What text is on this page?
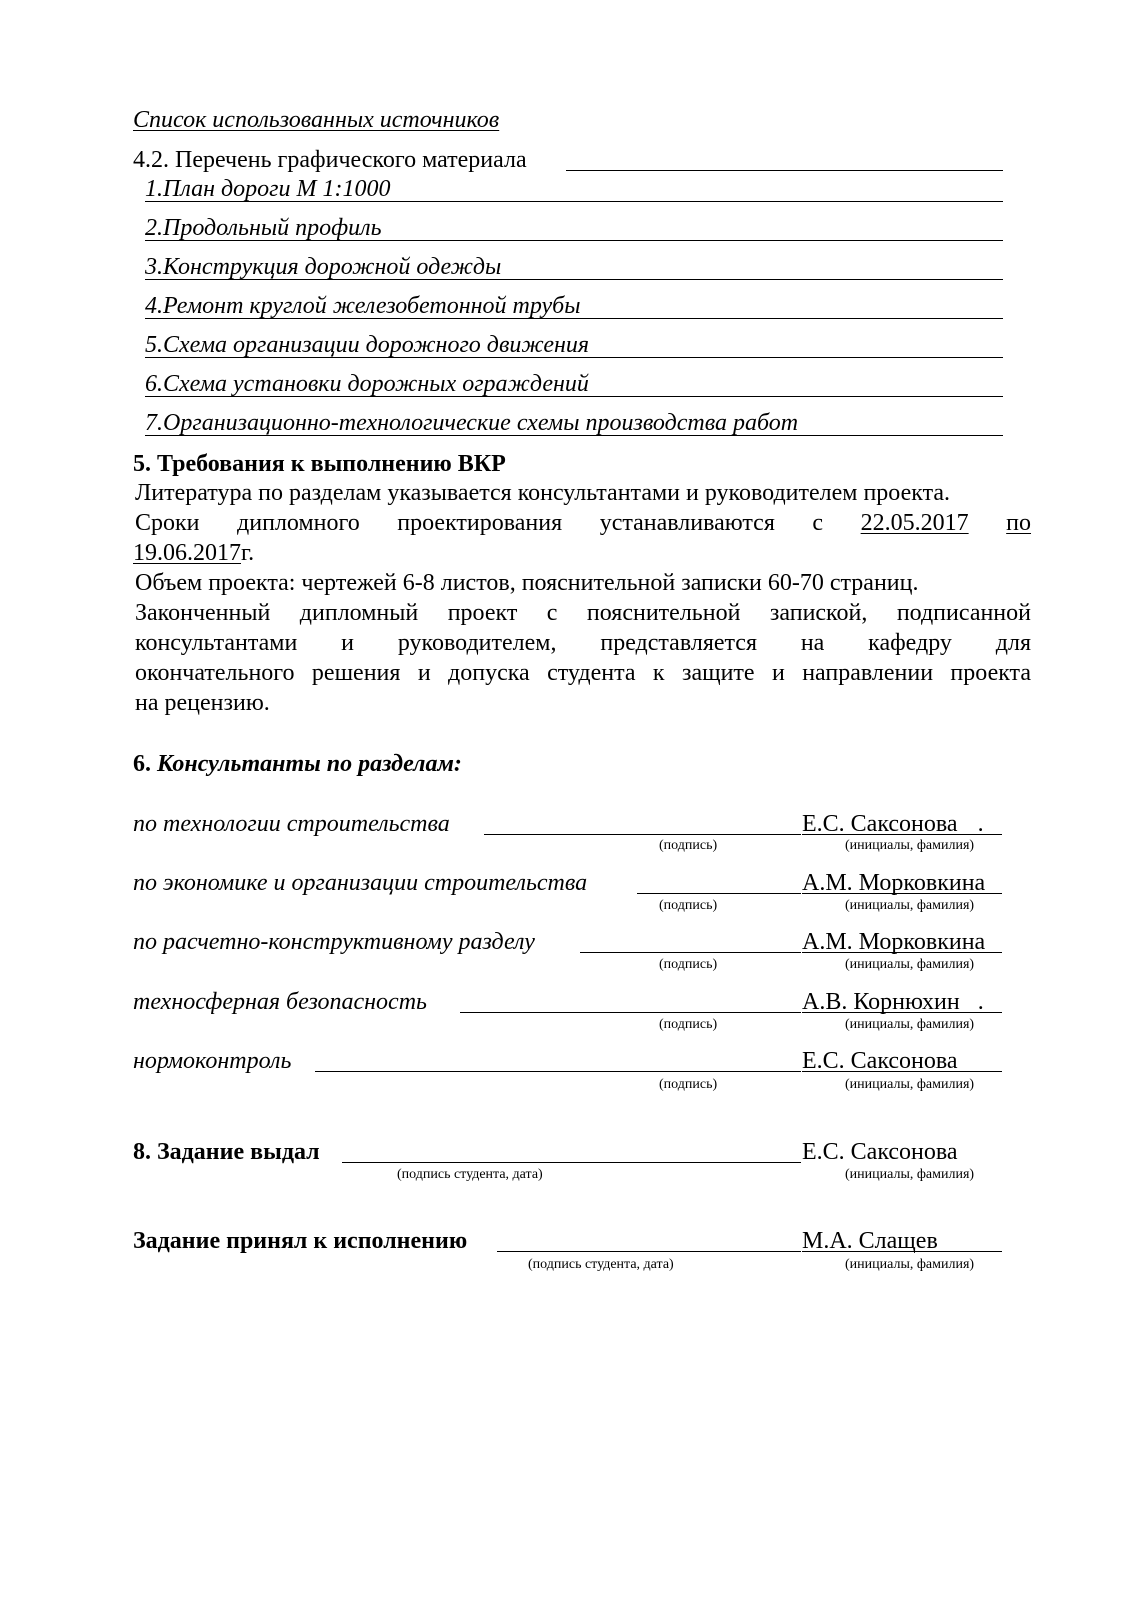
Список использованных источников
4.2. Перечень графического материала
1.План дороги М 1:1000
2.Продольный профиль
3.Конструкция дорожной одежды
4.Ремонт круглой железобетонной трубы
5.Схема организации дорожного движения
6.Схема установки дорожных ограждений
7.Организационно-технологические схемы производства работ
5. Требования к выполнению ВКР
Литература по разделам указывается консультантами и руководителем проекта.
Сроки дипломного проектирования устанавливаются с 22.05.2017 по
19.06.2017г.
Объем проекта: чертежей 6-8 листов, пояснительной записки 60-70 страниц.
Законченный дипломный проект с пояснительной запиской, подписанной
консультантами и руководителем, представляется на кафедру для
окончательного решения и допуска студента к защите и направлении проекта
на рецензию.
6. Консультанты по разделам:
по технологии строительства	Е.С. Саксонова .
(подпись)	(инициалы, фамилия)
по экономике и организации строительства	А.М. Морковкина
(подпись)	(инициалы, фамилия)
по расчетно-конструктивному разделу	А.М. Морковкина
(подпись)	(инициалы, фамилия)
техносферная безопасность	А.В. Корнюхин .
(подпись)	(инициалы, фамилия)
нормоконтроль	Е.С. Саксонова
(подпись)	(инициалы, фамилия)
8. Задание выдал	Е.С. Саксонова
(подпись студента, дата)	(инициалы, фамилия)
Задание принял к исполнению	М.А. Слащев
(подпись студента, дата)	(инициалы, фамилия)
